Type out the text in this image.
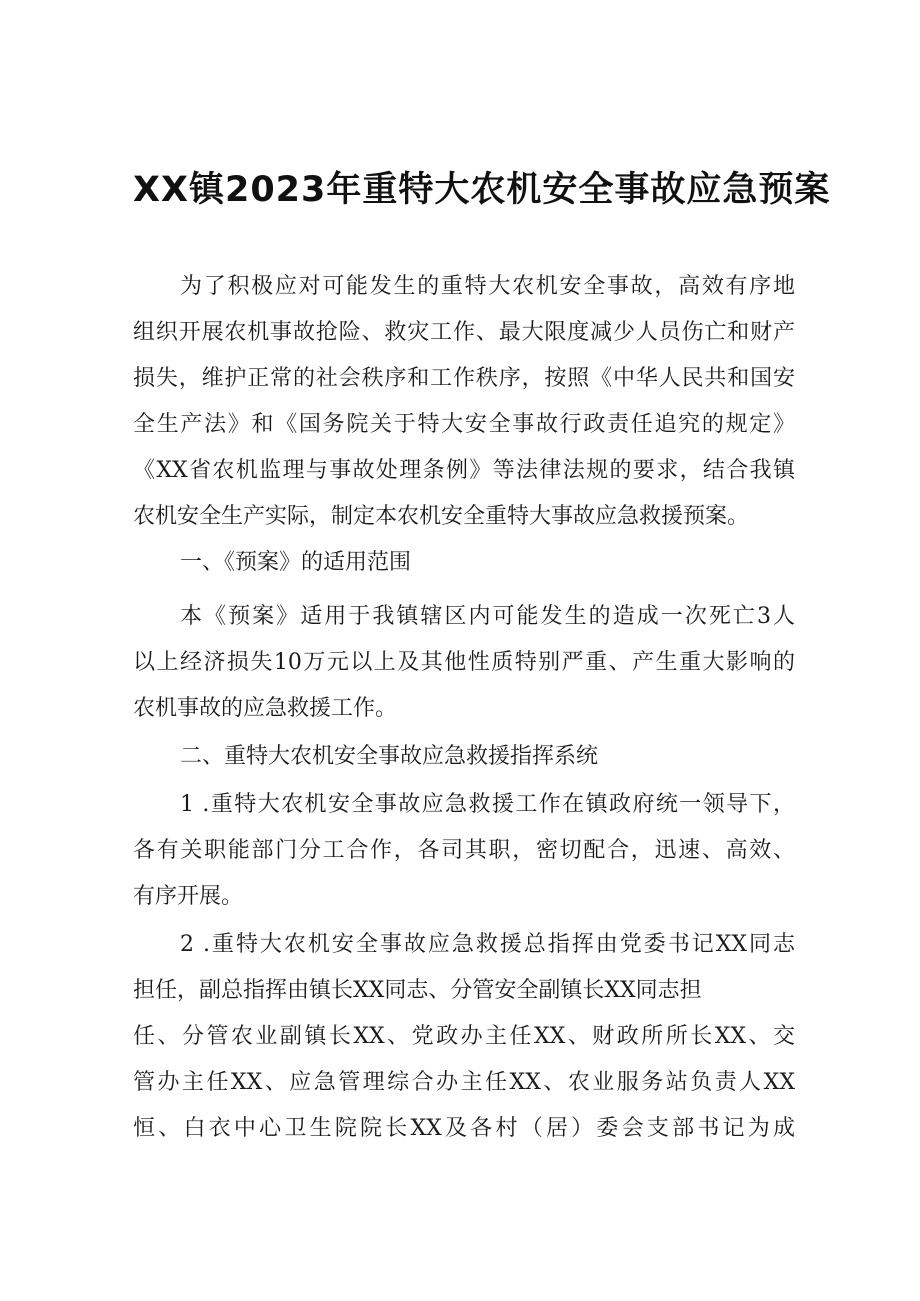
XX镇2023年重特大农机安全事故应急预案
为了积极应对可能发生的重特大农机安全事故，高效有序地
组织开展农机事故抢险、救灾工作、最大限度减少人员伤亡和财产
损失，维护正常的社会秩序和工作秩序，按照《中华人民共和国安
全生产法》和《国务院关于特大安全事故行政责任追究的规定》
《XX省农机监理与事故处理条例》等法律法规的要求，结合我镇
农机安全生产实际，制定本农机安全重特大事故应急救援预案。
一、《预案》的适用范围
本《预案》适用于我镇辖区内可能发生的造成一次死亡3人
以上经济损失10万元以上及其他性质特别严重、产生重大影响的
农机事故的应急救援工作。
二、重特大农机安全事故应急救援指挥系统
1 .重特大农机安全事故应急救援工作在镇政府统一领导下，
各有关职能部门分工合作，各司其职，密切配合，迅速、高效、
有序开展。
2 .重特大农机安全事故应急救援总指挥由党委书记XX同志
担任，副总指挥由镇长XX同志、分管安全副镇长XX同志担
任、分管农业副镇长XX、党政办主任XX、财政所所长XX、交
管办主任XX、应急管理综合办主任XX、农业服务站负责人XX
恒、白衣中心卫生院院长XX及各村（居）委会支部书记为成
